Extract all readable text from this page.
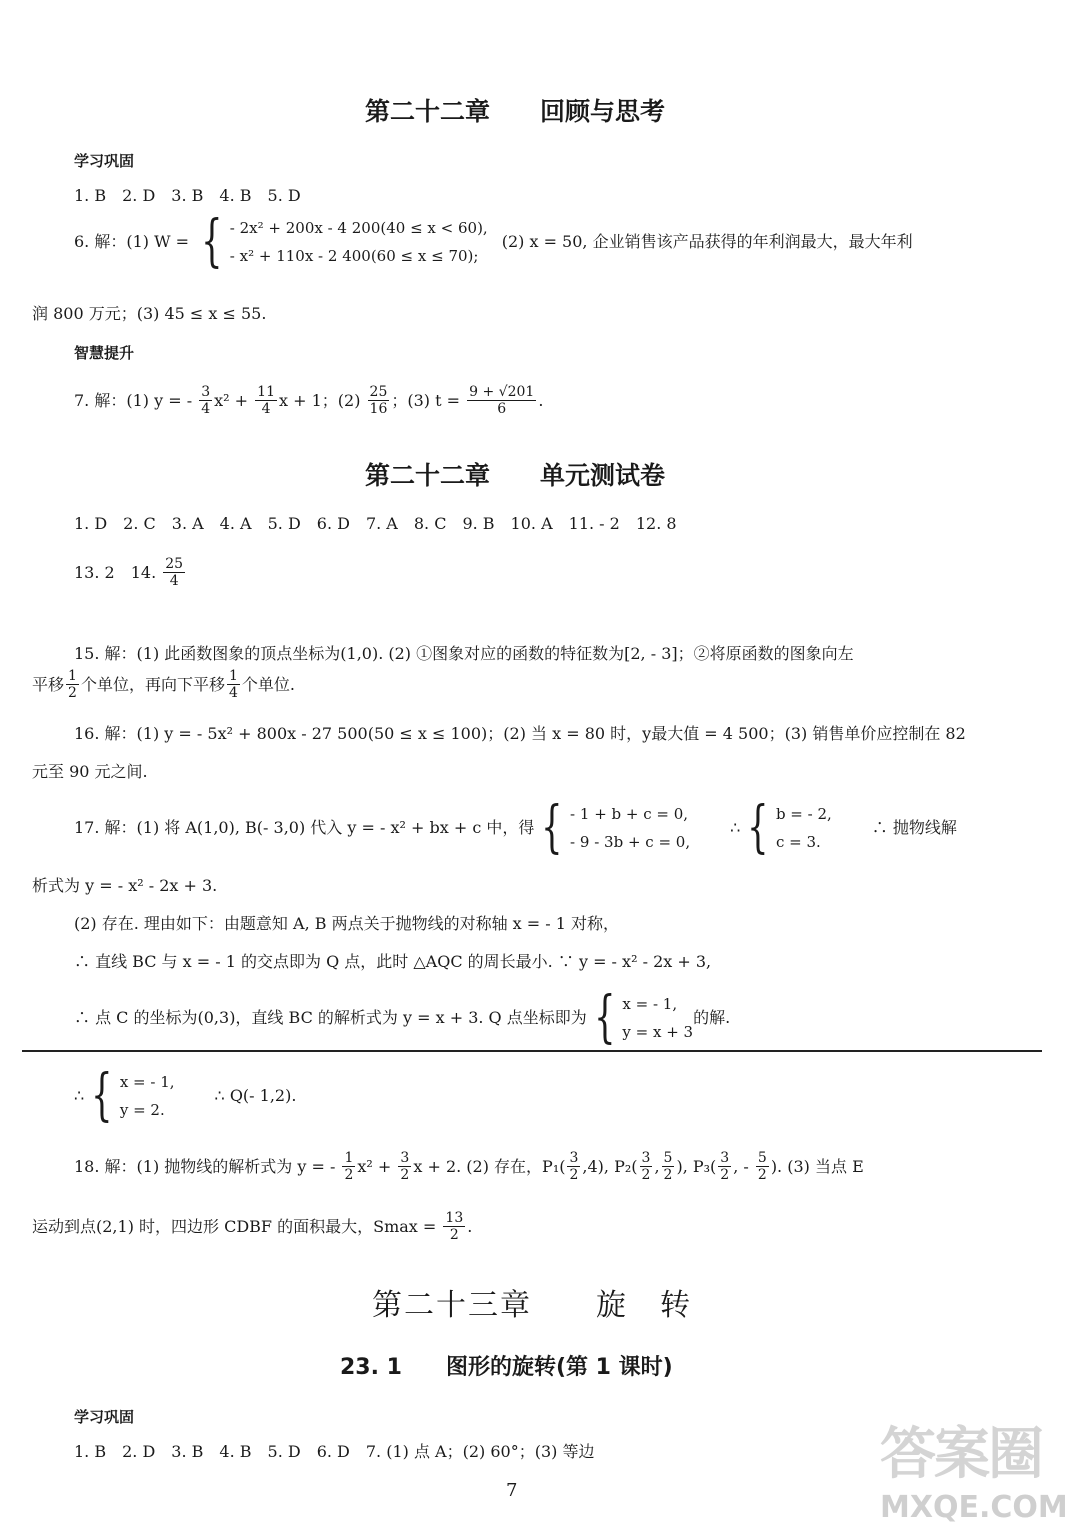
第二十二章　　回顾与思考
学习巩固
1. B　2. D　3. B　4. B　5. D
6. 解：(1) W = { - 2x² + 200x - 4 200(40 ≤ x < 60),
- x² + 110x - 2 400(60 ≤ x ≤ 70);
(2) x = 50, 企业销售该产品获得的年利润最大，最大年利
润 800 万元；(3) 45 ≤ x ≤ 55.
智慧提升
7. 解：(1) y = - $\frac{3}{4} x^2 + \frac{11}{4}$ x + 1；$(2) \frac{25}{16}$ ；(3) $t = \frac{9 + √201}{6}$ .
第二十二章　　单元测试卷
1. D　2. C　3. A　4. A　5. D　6. D　7. A　8. C　9. B　10. A　11. - 2　12. 8
13. 2　14. $\frac{25}{4}$
15. 解：(1) 此函数图象的顶点坐标为(1,0). (2) ①图象对应的函数的特征数为[2, - 3]；②将原函数的图象向左
平移 $\frac{1}{2}$ 个单位，再向下平移 $\frac{1}{4}$ 个单位.
16. 解：(1) y = - 5x² + 800x - 27 500(50 ≤ x ≤ 100)；(2) 当 x = 80 时，y最大值 = 4 500；(3) 销售单价应控制在 82
元至 90 元之间.
17. 解：(1) 将 A(1,0), B(- 3,0) 代入 y = - x² + bx + c 中，得 { - 1 + b + c = 0,
- 9 - 3b + c = 0,
∴ { b = - 2,
c = 3.
∴ 抛物线解
析式为 y = - x² - 2x + 3.
(2) 存在. 理由如下：由题意知 A, B 两点关于抛物线的对称轴 x = - 1 对称，
∴ 直线 BC 与 x = - 1 的交点即为 Q 点，此时 △AQC 的周长最小. ∵ y = - x² - 2x + 3,
∴ 点 C 的坐标为(0,3)，直线 BC 的解析式为 y = x + 3. Q 点坐标即为 { x = - 1,
y = x + 3
的解.
∴ { x = - 1,
y = 2.
∴ Q(- 1,2).
18. 解：(1) 抛物线的解析式为 y = - $\frac{1}{2} x^2 + \frac{3}{2}$ x + 2. (2) 存在，$P_1( \frac{3}{2} ,4)$, $P_2( \frac{3}{2}$ , $\frac{5}{2}$ ), $P_3( \frac{3}{2}$ , - $\frac{5}{2}$ ). (3) 当点 E
运动到点(2,1) 时，四边形 CDBF 的面积最大，$Smax = \frac{13}{2}$ .
第二十三章　　旋　转
23. 1　　图形的旋转(第 1 课时)
学习巩固
1. B　2. D　3. B　4. B　5. D　6. D　7. (1) 点 A；(2) 60°；(3) 等边
7
答案圈
MXQE.COM
